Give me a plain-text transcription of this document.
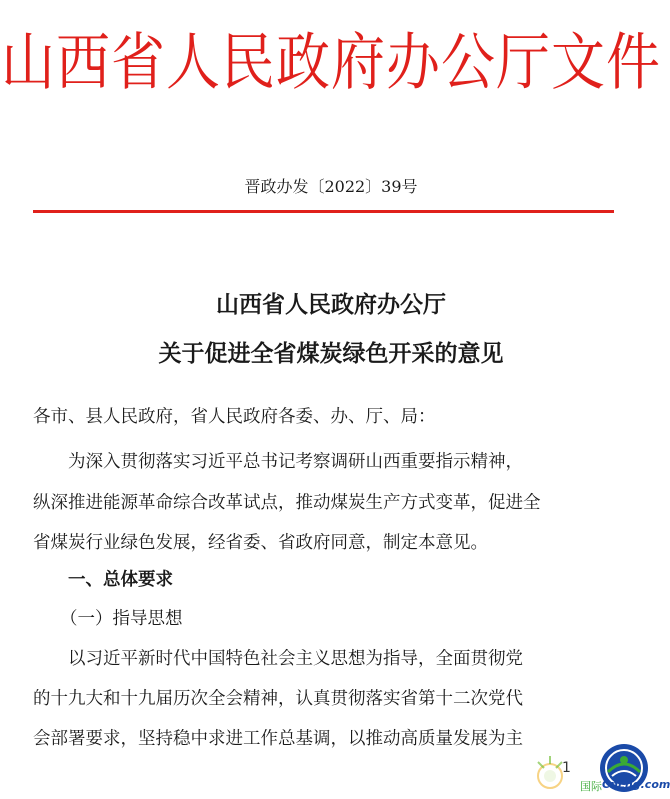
山西省人民政府办公厅文件
晋政办发〔2022〕39号
山西省人民政府办公厅
关于促进全省煤炭绿色开采的意见
各市、县人民政府，省人民政府各委、办、厅、局：
为深入贯彻落实习近平总书记考察调研山西重要指示精神，
纵深推进能源革命综合改革试点，推动煤炭生产方式变革，促进全
省煤炭行业绿色发展，经省委、省政府同意，制定本意见。
一、总体要求
（一）指导思想
以习近平新时代中国特色社会主义思想为指导，全面贯彻党
的十九大和十九届历次全会精神，认真贯彻落实省第十二次党代
会部署要求，坚持稳中求进工作总基调，以推动高质量发展为主
1
CnLng.com
国际
